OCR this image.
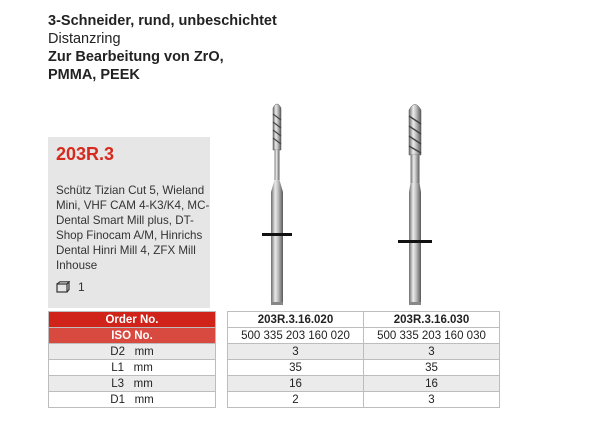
3-Schneider, rund, unbeschichtet
Distanzring
Zur Bearbeitung von ZrO,
PMMA, PEEK
203R.3
Schütz Tizian Cut 5, Wieland Mini, VHF CAM 4-K3/K4, MC-Dental Smart Mill plus, DT-Shop Finocam A/M, Hinrichs Dental Hinri Mill 4, ZFX Mill Inhouse
1
Order No.		203R.3.16.020	203R.3.16.030
ISO No.		500 335 203 160 020	500 335 203 160 030
D2 mm		3	3
L1 mm		35	35
L3 mm		16	16
D1 mm		2	3
